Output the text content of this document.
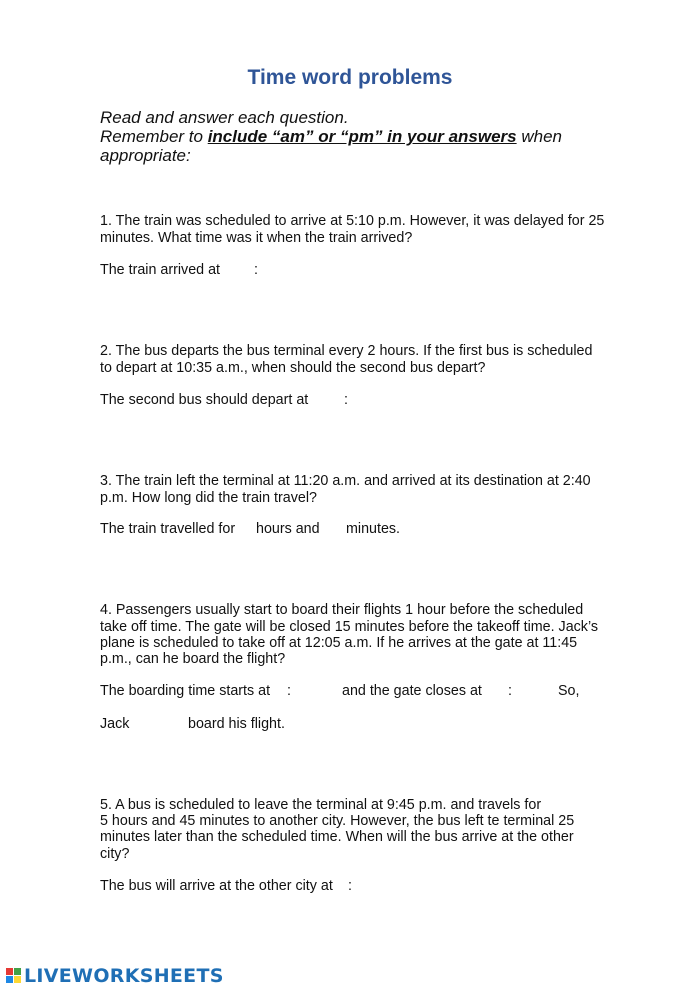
Time word problems
Read and answer each question.
Remember to include “am” or “pm” in your answers when
appropriate:
1. The train was scheduled to arrive at 5:10 p.m. However, it was delayed for 25
minutes. What time was it when the train arrived?
The train arrived at :
2. The bus departs the bus terminal every 2 hours. If the first bus is scheduled
to depart at 10:35 a.m., when should the second bus depart?
The second bus should depart at	:
3. The train left the terminal at 11:20 a.m. and arrived at its destination at 2:40
p.m. How long did the train travel?
The train travelled for hours and minutes.
4. Passengers usually start to board their flights 1 hour before the scheduled
take off time. The gate will be closed 15 minutes before the takeoff time. Jack’s
plane is scheduled to take off at 12:05 a.m. If he arrives at the gate at 11:45
p.m., can he board the flight?
The boarding time starts at :	and the gate closes at :	So,
Jack	board his flight.
5. A bus is scheduled to leave the terminal at 9:45 p.m. and travels for
5 hours and 45 minutes to another city. However, the bus left te terminal 25
minutes later than the scheduled time. When will the bus arrive at the other
city?
The bus will arrive at the other city at :
LIVEWORKSHEETS
